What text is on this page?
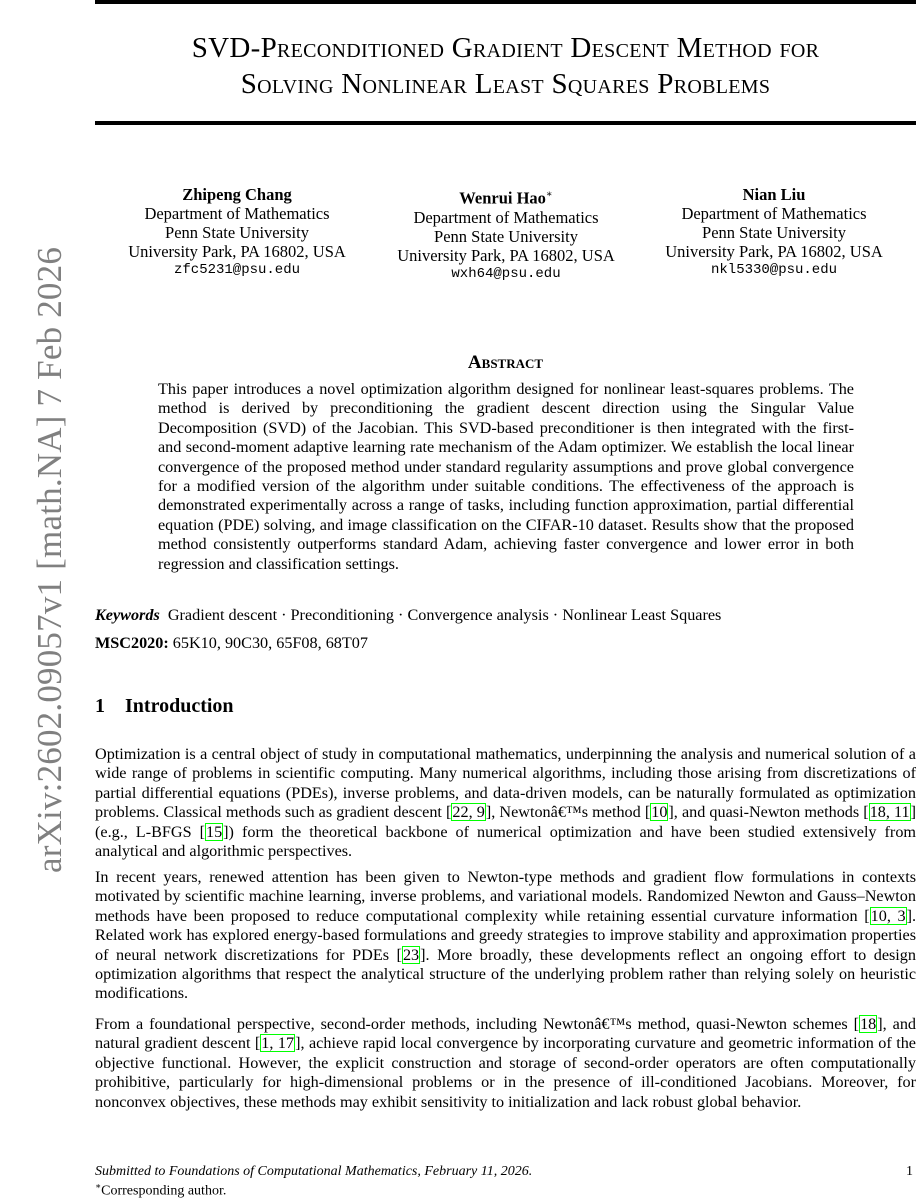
arXiv:2602.09057v1 [math.NA] 7 Feb 2026
SVD-Preconditioned Gradient Descent Method for
Solving Nonlinear Least Squares Problems
Zhipeng Chang
Department of Mathematics
Penn State University
University Park, PA 16802, USA
zfc5231@psu.edu
Wenrui Hao∗
Department of Mathematics
Penn State University
University Park, PA 16802, USA
wxh64@psu.edu
Nian Liu
Department of Mathematics
Penn State University
University Park, PA 16802, USA
nkl5330@psu.edu
Abstract
This paper introduces a novel optimization algorithm designed for nonlinear least-squares problems. The method is derived by preconditioning the gradient descent direction using the Singular Value Decomposition (SVD) of the Jacobian. This SVD-based preconditioner is then integrated with the first- and second-moment adaptive learning rate mechanism of the Adam optimizer. We establish the local linear convergence of the proposed method under standard regularity assumptions and prove global convergence for a modified version of the algorithm under suitable conditions. The effectiveness of the approach is demonstrated experimentally across a range of tasks, including function approximation, partial differential equation (PDE) solving, and image classification on the CIFAR-10 dataset. Results show that the proposed method consistently outperforms standard Adam, achieving faster convergence and lower error in both regression and classification settings.
Keywords Gradient descent · Preconditioning · Convergence analysis · Nonlinear Least Squares
MSC2020: 65K10, 90C30, 65F08, 68T07
1 Introduction
Optimization is a central object of study in computational mathematics, underpinning the analysis and numerical solution of a wide range of problems in scientific computing. Many numerical algorithms, including those arising from discretizations of partial differential equations (PDEs), inverse problems, and data-driven models, can be naturally formulated as optimization problems. Classical methods such as gradient descent [22, 9], Newtonâ€™s method [10], and quasi-Newton methods [18, 11] (e.g., L-BFGS [15]) form the theoretical backbone of numerical optimization and have been studied extensively from analytical and algorithmic perspectives.
In recent years, renewed attention has been given to Newton-type methods and gradient flow formulations in contexts motivated by scientific machine learning, inverse problems, and variational models. Randomized Newton and Gauss–Newton methods have been proposed to reduce computational complexity while retaining essential curvature information [10, 3]. Related work has explored energy-based formulations and greedy strategies to improve stability and approximation properties of neural network discretizations for PDEs [23]. More broadly, these developments reflect an ongoing effort to design optimization algorithms that respect the analytical structure of the underlying problem rather than relying solely on heuristic modifications.
From a foundational perspective, second-order methods, including Newtonâ€™s method, quasi-Newton schemes [18], and natural gradient descent [1, 17], achieve rapid local convergence by incorporating curvature and geometric information of the objective functional. However, the explicit construction and storage of second-order operators are often computationally prohibitive, particularly for high-dimensional problems or in the presence of ill-conditioned Jacobians. Moreover, for nonconvex objectives, these methods may exhibit sensitivity to initialization and lack robust global behavior.
Submitted to Foundations of Computational Mathematics, February 11, 2026.	1
∗Corresponding author.
